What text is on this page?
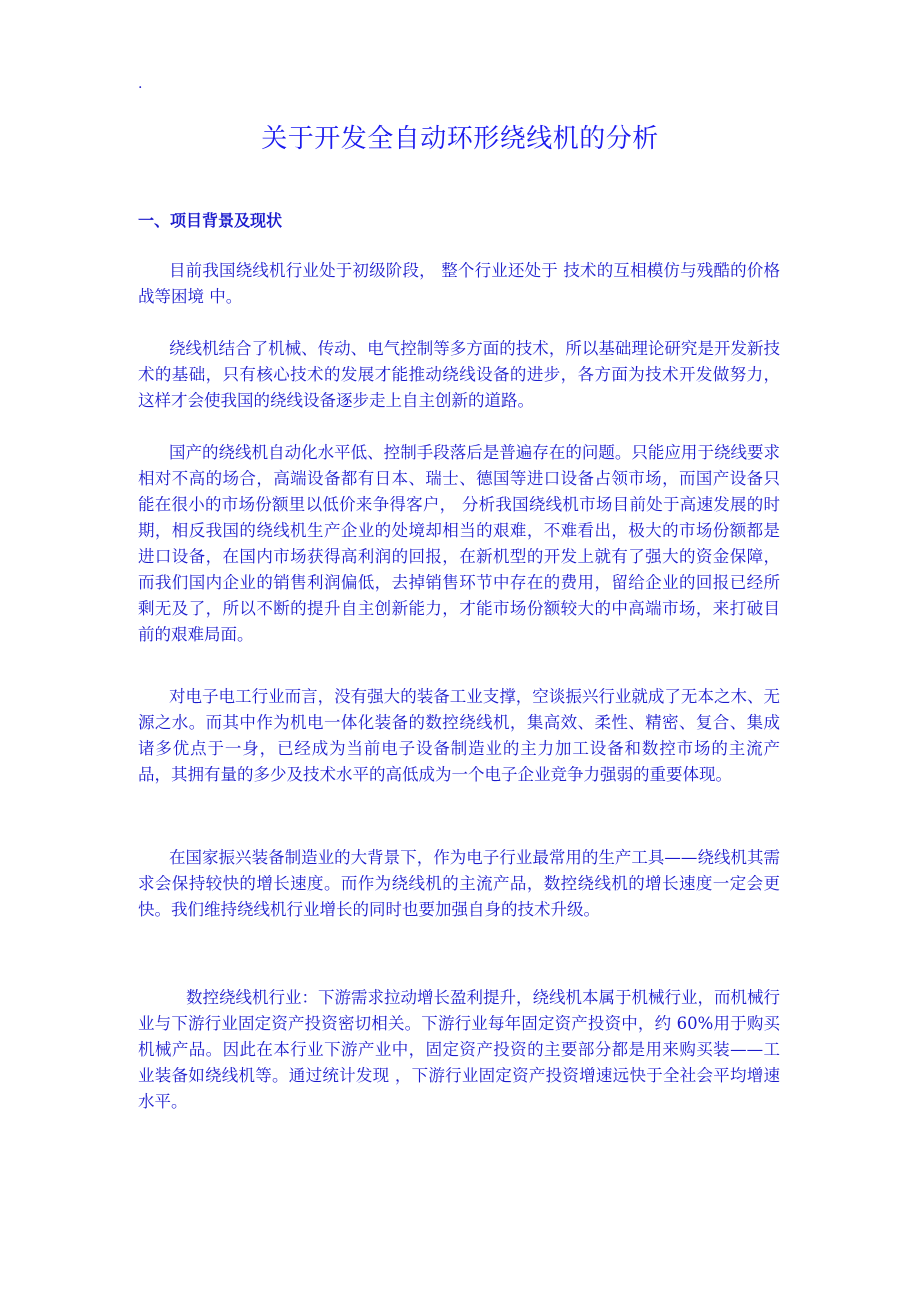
.
关于开发全自动环形绕线机的分析
一、项目背景及现状

目前我国绕线机行业处于初级阶段， 整个行业还处于 技术的互相模仿与残酷的价格战等困境 中。

绕线机结合了机械、传动、电气控制等多方面的技术，所以基础理论研究是开发新技术的基础，只有核心技术的发展才能推动绕线设备的进步，各方面为技术开发做努力，这样才会使我国的绕线设备逐步走上自主创新的道路。

国产的绕线机自动化水平低、控制手段落后是普遍存在的问题。只能应用于绕线要求相对不高的场合，高端设备都有日本、瑞士、德国等进口设备占领市场，而国产设备只能在很小的市场份额里以低价来争得客户， 分析我国绕线机市场目前处于高速发展的时期，相反我国的绕线机生产企业的处境却相当的艰难，不难看出，极大的市场份额都是进口设备，在国内市场获得高利润的回报，在新机型的开发上就有了强大的资金保障，而我们国内企业的销售利润偏低，去掉销售环节中存在的费用，留给企业的回报已经所剩无及了，所以不断的提升自主创新能力，才能市场份额较大的中高端市场，来打破目前的艰难局面。

对电子电工行业而言，没有强大的装备工业支撑，空谈振兴行业就成了无本之木、无源之水。而其中作为机电一体化装备的数控绕线机，集高效、柔性、精密、复合、集成诸多优点于一身，已经成为当前电子设备制造业的主力加工设备和数控市场的主流产品，其拥有量的多少及技术水平的高低成为一个电子企业竞争力强弱的重要体现。

在国家振兴装备制造业的大背景下，作为电子行业最常用的生产工具——绕线机其需求会保持较快的增长速度。而作为绕线机的主流产品，数控绕线机的增长速度一定会更快。我们维持绕线机行业增长的同时也要加强自身的技术升级。

数控绕线机行业：下游需求拉动增长盈利提升，绕线机本属于机械行业，而机械行业与下游行业固定资产投资密切相关。下游行业每年固定资产投资中，约 60%用于购买机械产品。因此在本行业下游产业中，固定资产投资的主要部分都是用来购买装——工业装备如绕线机等。通过统计发现 ，下游行业固定资产投资增速远快于全社会平均增速水平。
